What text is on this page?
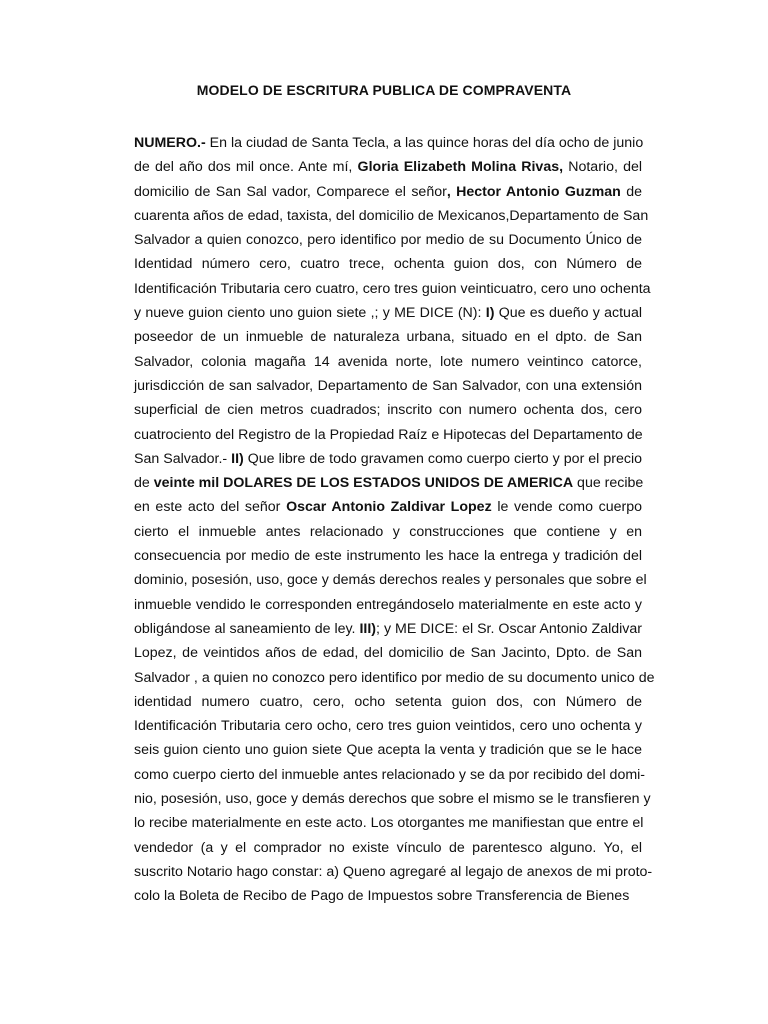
MODELO DE ESCRITURA PUBLICA DE COMPRAVENTA
NUMERO.- En la ciudad de Santa Tecla, a las quince horas del día ocho de junio
de del año dos mil once. Ante mí, Gloria Elizabeth Molina Rivas, Notario, del
domicilio de San Sal vador, Comparece el señor, Hector Antonio Guzman de
cuarenta años de edad, taxista, del domicilio de Mexicanos,Departamento de San
Salvador a quien conozco, pero identifico por medio de su Documento Único de
Identidad número cero, cuatro trece, ochenta guion dos, con Número de
Identificación Tributaria cero cuatro, cero tres guion veinticuatro, cero uno ochenta
y nueve guion ciento uno guion siete ,; y ME DICE (N): I) Que es dueño y actual
poseedor de un inmueble de naturaleza urbana, situado en el dpto. de San
Salvador, colonia magaña 14 avenida norte, lote numero veintinco catorce,
jurisdicción de san salvador, Departamento de San Salvador, con una extensión
superficial de cien metros cuadrados; inscrito con numero ochenta dos, cero
cuatrociento del Registro de la Propiedad Raíz e Hipotecas del Departamento de
San Salvador.- II) Que libre de todo gravamen como cuerpo cierto y por el precio
de veinte mil DOLARES DE LOS ESTADOS UNIDOS DE AMERICA que recibe
en este acto del señor Oscar Antonio Zaldivar Lopez le vende como cuerpo
cierto el inmueble antes relacionado y construcciones que contiene y en
consecuencia por medio de este instrumento les hace la entrega y tradición del
dominio, posesión, uso, goce y demás derechos reales y personales que sobre el
inmueble vendido le corresponden entregándoselo materialmente en este acto y
obligándose al saneamiento de ley. III); y ME DICE: el Sr. Oscar Antonio Zaldivar
Lopez, de veintidos años de edad, del domicilio de San Jacinto, Dpto. de San
Salvador , a quien no conozco pero identifico por medio de su documento unico de
identidad numero cuatro, cero, ocho setenta guion dos, con Número de
Identificación Tributaria cero ocho, cero tres guion veintidos, cero uno ochenta y
seis guion ciento uno guion siete Que acepta la venta y tradición que se le hace
como cuerpo cierto del inmueble antes relacionado y se da por recibido del domi-
nio, posesión, uso, goce y demás derechos que sobre el mismo se le transfieren y
lo recibe materialmente en este acto. Los otorgantes me manifiestan que entre el
vendedor (a y el comprador no existe vínculo de parentesco alguno. Yo, el
suscrito Notario hago constar: a) Queno agregaré al legajo de anexos de mi proto-
colo la Boleta de Recibo de Pago de Impuestos sobre Transferencia de Bienes
